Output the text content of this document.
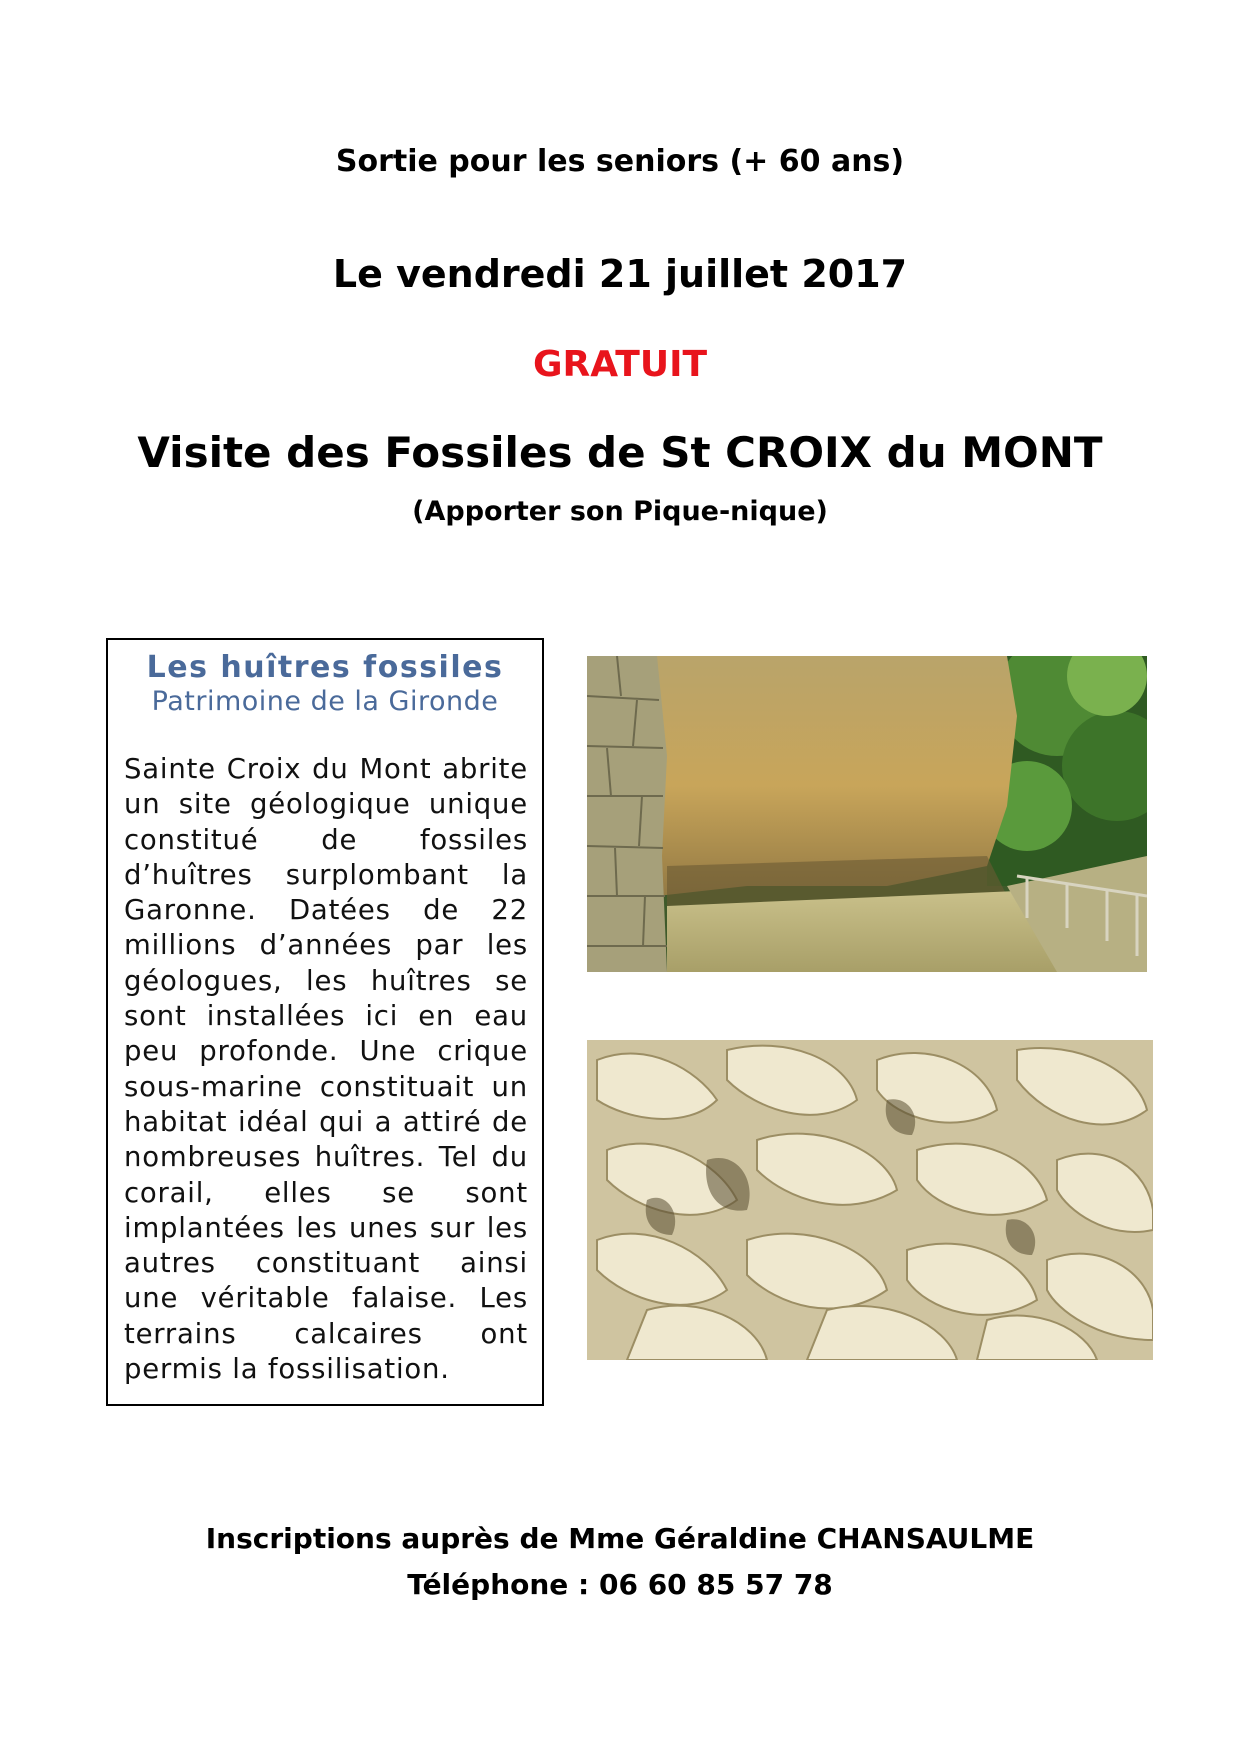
Sortie pour les seniors (+ 60 ans)
Le vendredi 21 juillet 2017
GRATUIT
Visite des Fossiles de St CROIX du MONT
(Apporter son Pique-nique)
Les huîtres fossiles
Patrimoine de la Gironde
Sainte Croix du Mont abrite un site géologique unique constitué de fossiles d’huîtres surplombant la Garonne. Datées de 22 millions d’années par les géologues, les huîtres se sont installées ici en eau peu profonde. Une crique sous-marine constituait un habitat idéal qui a attiré de nombreuses huîtres. Tel du corail, elles se sont implantées les unes sur les autres constituant ainsi une véritable falaise. Les terrains calcaires ont permis la fossilisation.
Inscriptions auprès de Mme Géraldine CHANSAULME
Téléphone : 06 60 85 57 78
